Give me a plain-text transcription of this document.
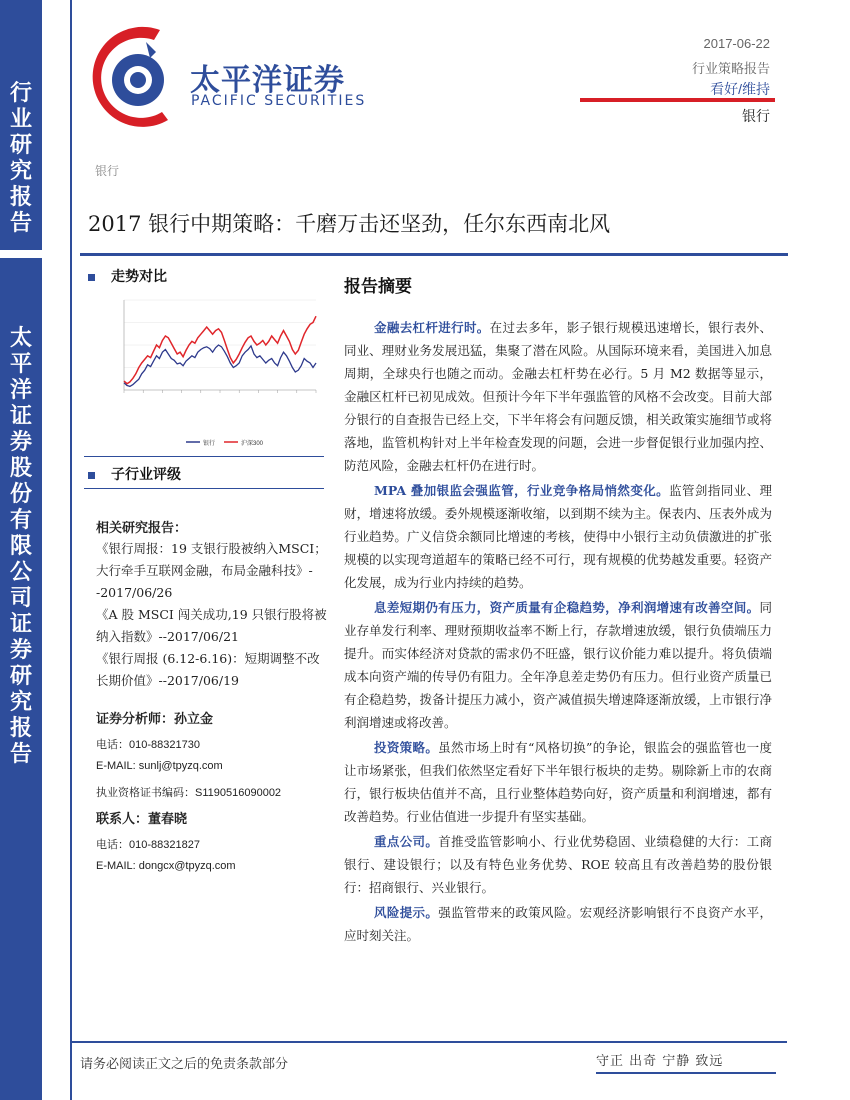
行
业
研
究
报
告
太
平
洋
证
券
股
份
有
限
公
司
证
券
研
究
报
告
太平洋证券
PACIFIC SECURITIES
2017-06-22
行业策略报告
看好/维持
银行
银行
2017 银行中期策略：千磨万击还坚劲，任尔东西南北风
走势对比
银行	沪深300
子行业评级
相关研究报告：
《银行周报：19 支银行股被纳入MSCI；大行牵手互联网金融，布局金融科技》--2017/06/26
《A 股 MSCI 闯关成功,19 只银行股将被纳入指数》--2017/06/21
《银行周报 (6.12-6.16)：短期调整不改长期价值》--2017/06/19
证券分析师：孙立金
电话：010-88321730
E-MAIL: sunlj@tpyzq.com
执业资格证书编码：S1190516090002
联系人：董春晓
电话：010-88321827
E-MAIL: dongcx@tpyzq.com
报告摘要

金融去杠杆进行时。在过去多年，影子银行规模迅速增长，银行表外、同业、理财业务发展迅猛，集聚了潜在风险。从国际环境来看，美国进入加息周期，全球央行也随之而动。金融去杠杆势在必行。5 月 M2 数据等显示，金融区杠杆已初见成效。但预计今年下半年强监管的风格不会改变。目前大部分银行的自查报告已经上交，下半年将会有问题反馈，相关政策实施细节或将落地，监管机构针对上半年检查发现的问题，会进一步督促银行业加强内控、防范风险，金融去杠杆仍在进行时。

MPA 叠加银监会强监管，行业竞争格局悄然变化。监管剑指同业、理财，增速将放缓。委外规模逐渐收缩，以到期不续为主。保表内、压表外成为行业趋势。广义信贷余额同比增速的考核，使得中小银行主动负债激进的扩张规模的以实现弯道超车的策略已经不可行，现有规模的优势越发重要。轻资产化发展，成为行业内持续的趋势。

息差短期仍有压力，资产质量有企稳趋势，净利润增速有改善空间。同业存单发行利率、理财预期收益率不断上行，存款增速放缓，银行负债端压力提升。而实体经济对贷款的需求仍不旺盛，银行议价能力难以提升。将负债端成本向资产端的传导仍有阻力。全年净息差走势仍有压力。但行业资产质量已有企稳趋势，拨备计提压力减小，资产减值损失增速降逐渐放缓，上市银行净利润增速或将改善。

投资策略。虽然市场上时有“风格切换”的争论，银监会的强监管也一度让市场紧张，但我们依然坚定看好下半年银行板块的走势。剔除新上市的农商行，银行板块估值并不高，且行业整体趋势向好，资产质量和利润增速，都有改善趋势。行业估值进一步提升有坚实基础。

重点公司。首推受监管影响小、行业优势稳固、业绩稳健的大行：工商银行、建设银行；以及有特色业务优势、ROE 较高且有改善趋势的股份银行：招商银行、兴业银行。

风险提示。强监管带来的政策风险。宏观经济影响银行不良资产水平，应时刻关注。

请务必阅读正文之后的免责条款部分	守正 出奇 宁静 致远
